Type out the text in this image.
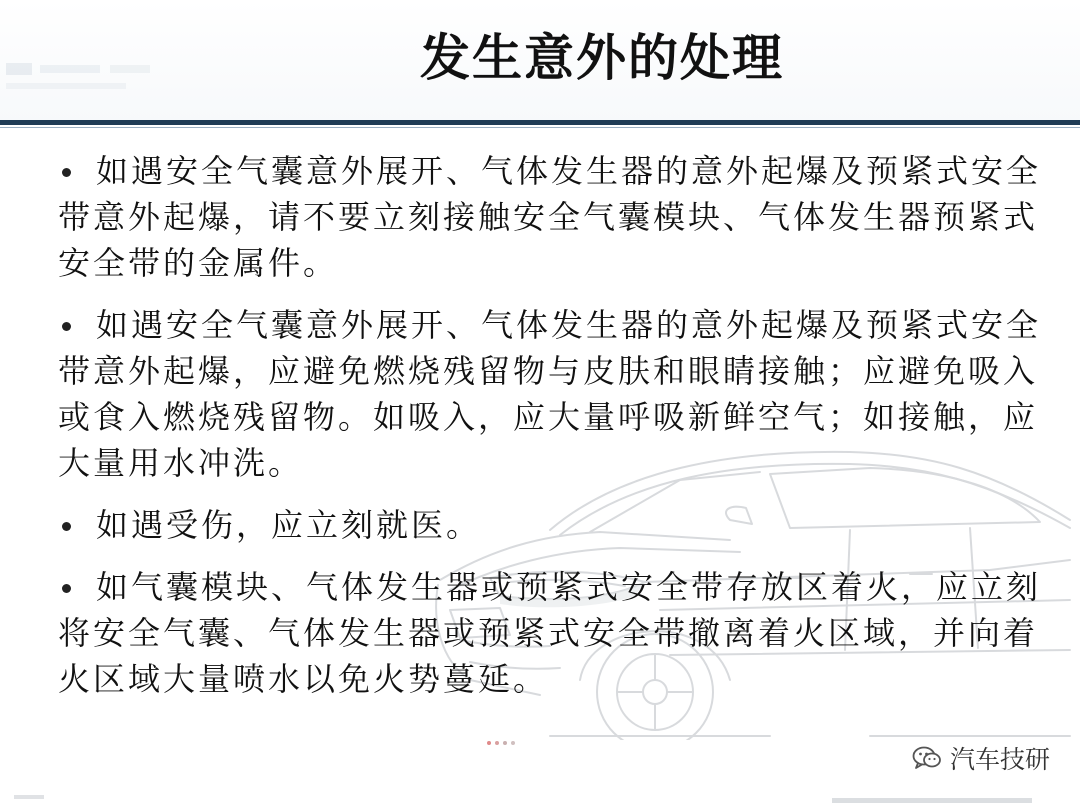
发生意外的处理
如遇安全气囊意外展开、气体发生器的意外起爆及预紧式安全带意外起爆，请不要立刻接触安全气囊模块、气体发生器预紧式安全带的金属件。
如遇安全气囊意外展开、气体发生器的意外起爆及预紧式安全带意外起爆，应避免燃烧残留物与皮肤和眼睛接触；应避免吸入或食入燃烧残留物。如吸入，应大量呼吸新鲜空气；如接触，应大量用水冲洗。
如遇受伤，应立刻就医。
如气囊模块、气体发生器或预紧式安全带存放区着火，应立刻将安全气囊、气体发生器或预紧式安全带撤离着火区域，并向着火区域大量喷水以免火势蔓延。
汽车技研
